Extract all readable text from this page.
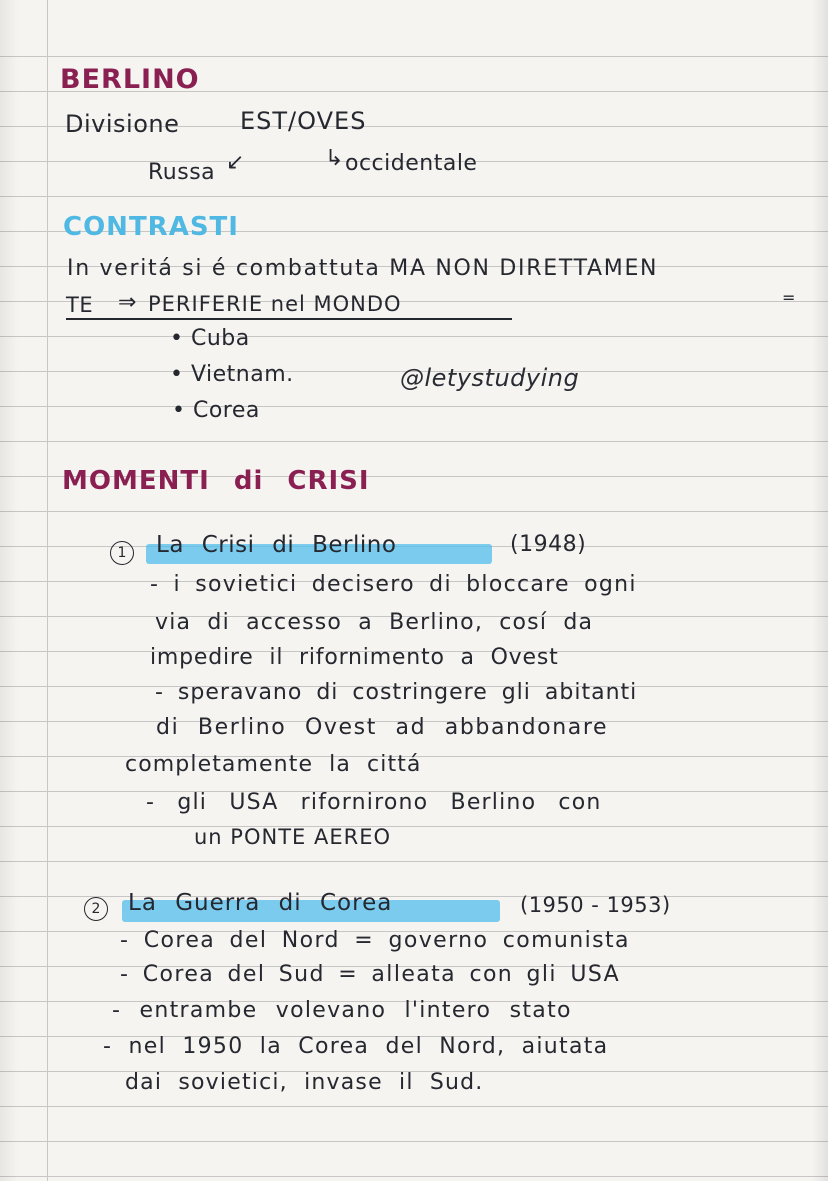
BERLINO
Divisione	EST/OVES
Russa ↙	↳ occidentale
CONTRASTI
In veritá si é combattuta MA NON DIRETTAMEN
TE ⇒ PERIFERIE nel MONDO	=
• Cuba
• Vietnam.
• Corea
@letystudying
MOMENTI di CRISI
1	La Crisi di Berlino	(1948)
- i sovietici decisero di bloccare ogni
via di accesso a Berlino, cosí da
impedire il rifornimento a Ovest
- speravano di costringere gli abitanti
di Berlino Ovest ad abbandonare
completamente la cittá
- gli USA rifornirono Berlino con
un PONTE AEREO
2	La Guerra di Corea	(1950 - 1953)
- Corea del Nord = governo comunista
- Corea del Sud = alleata con gli USA
- entrambe volevano l'intero stato
- nel 1950 la Corea del Nord, aiutata
dai sovietici, invase il Sud.
